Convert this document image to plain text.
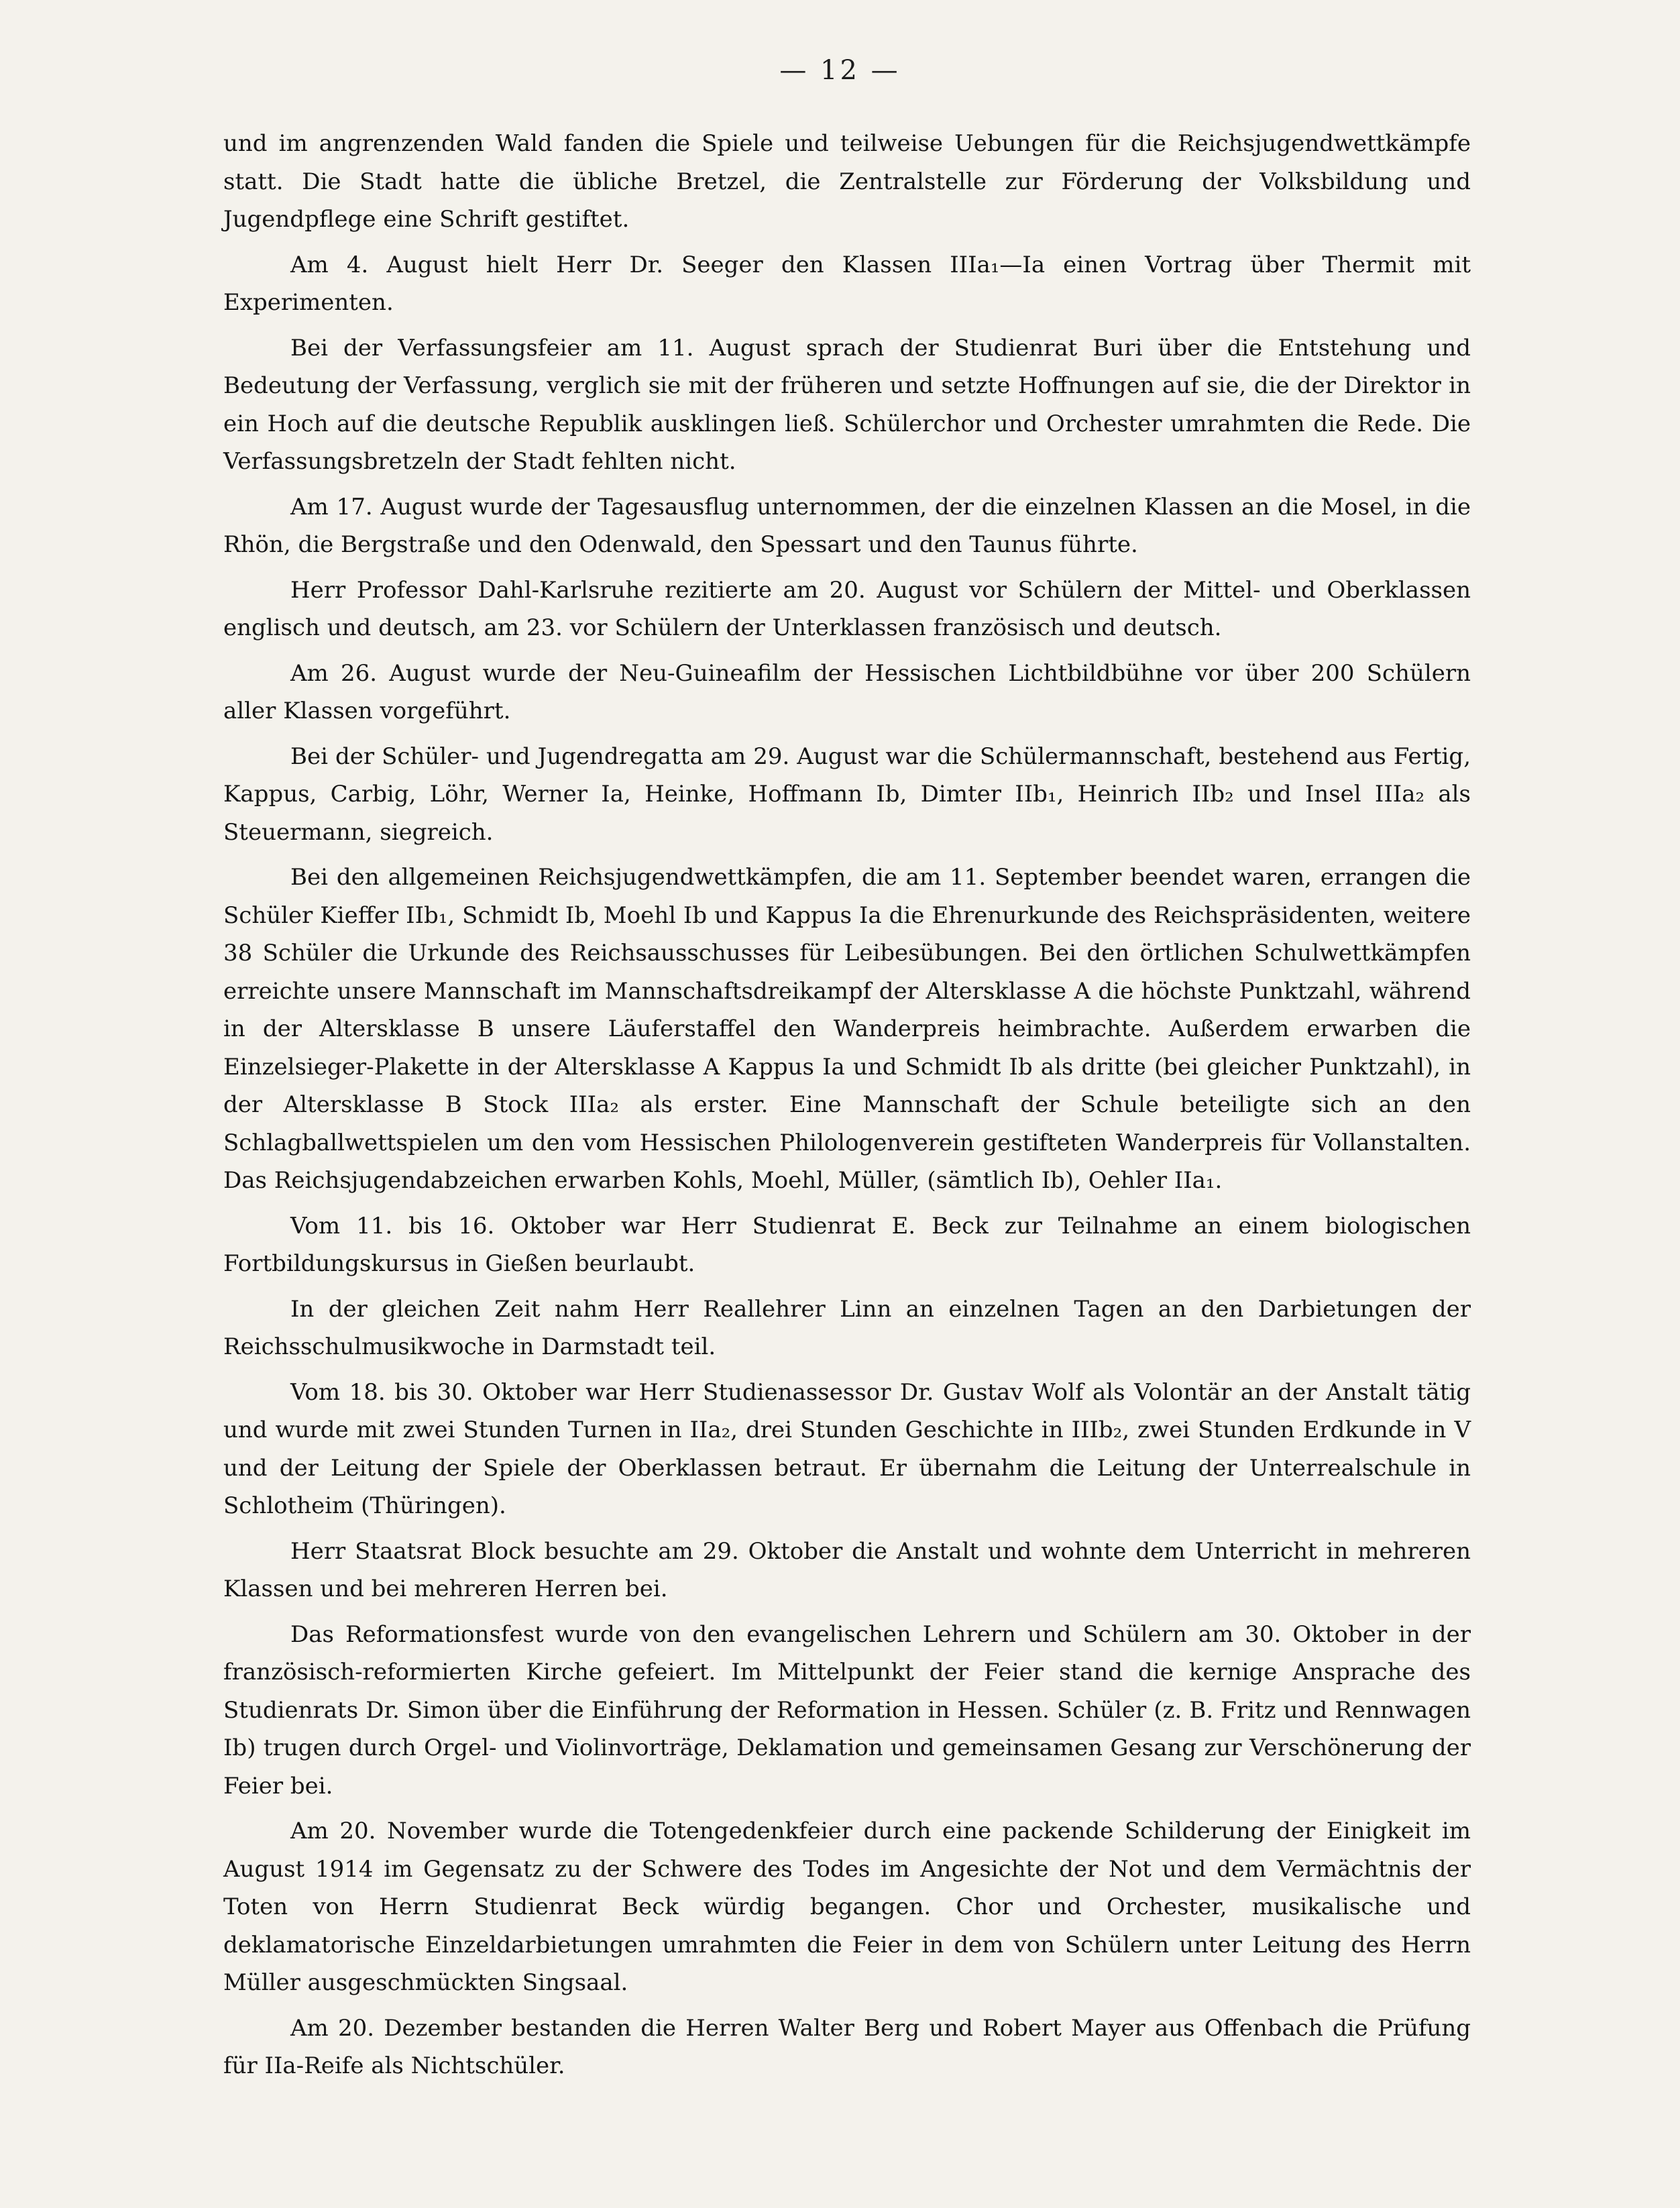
— 12 —

und im angrenzenden Wald fanden die Spiele und teilweise Uebungen für die Reichsjugendwettkämpfe statt. Die Stadt hatte die übliche Bretzel, die Zentralstelle zur Förderung der Volksbildung und Jugendpflege eine Schrift gestiftet.

Am 4. August hielt Herr Dr. Seeger den Klassen IIIa₁—Ia einen Vortrag über Thermit mit Experimenten.

Bei der Verfassungsfeier am 11. August sprach der Studienrat Buri über die Entstehung und Bedeutung der Verfassung, verglich sie mit der früheren und setzte Hoffnungen auf sie, die der Direktor in ein Hoch auf die deutsche Republik ausklingen ließ. Schülerchor und Orchester umrahmten die Rede. Die Verfassungsbretzeln der Stadt fehlten nicht.

Am 17. August wurde der Tagesausflug unternommen, der die einzelnen Klassen an die Mosel, in die Rhön, die Bergstraße und den Odenwald, den Spessart und den Taunus führte.

Herr Professor Dahl-Karlsruhe rezitierte am 20. August vor Schülern der Mittel- und Oberklassen englisch und deutsch, am 23. vor Schülern der Unterklassen französisch und deutsch.

Am 26. August wurde der Neu-Guineafilm der Hessischen Lichtbildbühne vor über 200 Schülern aller Klassen vorgeführt.

Bei der Schüler- und Jugendregatta am 29. August war die Schülermannschaft, bestehend aus Fertig, Kappus, Carbig, Löhr, Werner Ia, Heinke, Hoffmann Ib, Dimter IIb₁, Heinrich IIb₂ und Insel IIIa₂ als Steuermann, siegreich.

Bei den allgemeinen Reichsjugendwettkämpfen, die am 11. September beendet waren, errangen die Schüler Kieffer IIb₁, Schmidt Ib, Moehl Ib und Kappus Ia die Ehrenurkunde des Reichspräsidenten, weitere 38 Schüler die Urkunde des Reichsausschusses für Leibesübungen. Bei den örtlichen Schulwettkämpfen erreichte unsere Mannschaft im Mannschaftsdreikampf der Altersklasse A die höchste Punktzahl, während in der Altersklasse B unsere Läuferstaffel den Wanderpreis heimbrachte. Außerdem erwarben die Einzelsieger-Plakette in der Altersklasse A Kappus Ia und Schmidt Ib als dritte (bei gleicher Punktzahl), in der Altersklasse B Stock IIIa₂ als erster. Eine Mannschaft der Schule beteiligte sich an den Schlagballwettspielen um den vom Hessischen Philologenverein gestifteten Wanderpreis für Vollanstalten. Das Reichsjugendabzeichen erwarben Kohls, Moehl, Müller, (sämtlich Ib), Oehler IIa₁.

Vom 11. bis 16. Oktober war Herr Studienrat E. Beck zur Teilnahme an einem biologischen Fortbildungskursus in Gießen beurlaubt.

In der gleichen Zeit nahm Herr Reallehrer Linn an einzelnen Tagen an den Darbietungen der Reichsschulmusikwoche in Darmstadt teil.

Vom 18. bis 30. Oktober war Herr Studienassessor Dr. Gustav Wolf als Volontär an der Anstalt tätig und wurde mit zwei Stunden Turnen in IIa₂, drei Stunden Geschichte in IIIb₂, zwei Stunden Erdkunde in V und der Leitung der Spiele der Oberklassen betraut. Er übernahm die Leitung der Unterrealschule in Schlotheim (Thüringen).

Herr Staatsrat Block besuchte am 29. Oktober die Anstalt und wohnte dem Unterricht in mehreren Klassen und bei mehreren Herren bei.

Das Reformationsfest wurde von den evangelischen Lehrern und Schülern am 30. Oktober in der französisch-reformierten Kirche gefeiert. Im Mittelpunkt der Feier stand die kernige Ansprache des Studienrats Dr. Simon über die Einführung der Reformation in Hessen. Schüler (z. B. Fritz und Rennwagen Ib) trugen durch Orgel- und Violinvorträge, Deklamation und gemeinsamen Gesang zur Verschönerung der Feier bei.

Am 20. November wurde die Totengedenkfeier durch eine packende Schilderung der Einigkeit im August 1914 im Gegensatz zu der Schwere des Todes im Angesichte der Not und dem Vermächtnis der Toten von Herrn Studienrat Beck würdig begangen. Chor und Orchester, musikalische und deklamatorische Einzeldarbietungen umrahmten die Feier in dem von Schülern unter Leitung des Herrn Müller ausgeschmückten Singsaal.

Am 20. Dezember bestanden die Herren Walter Berg und Robert Mayer aus Offenbach die Prüfung für IIa-Reife als Nichtschüler.
